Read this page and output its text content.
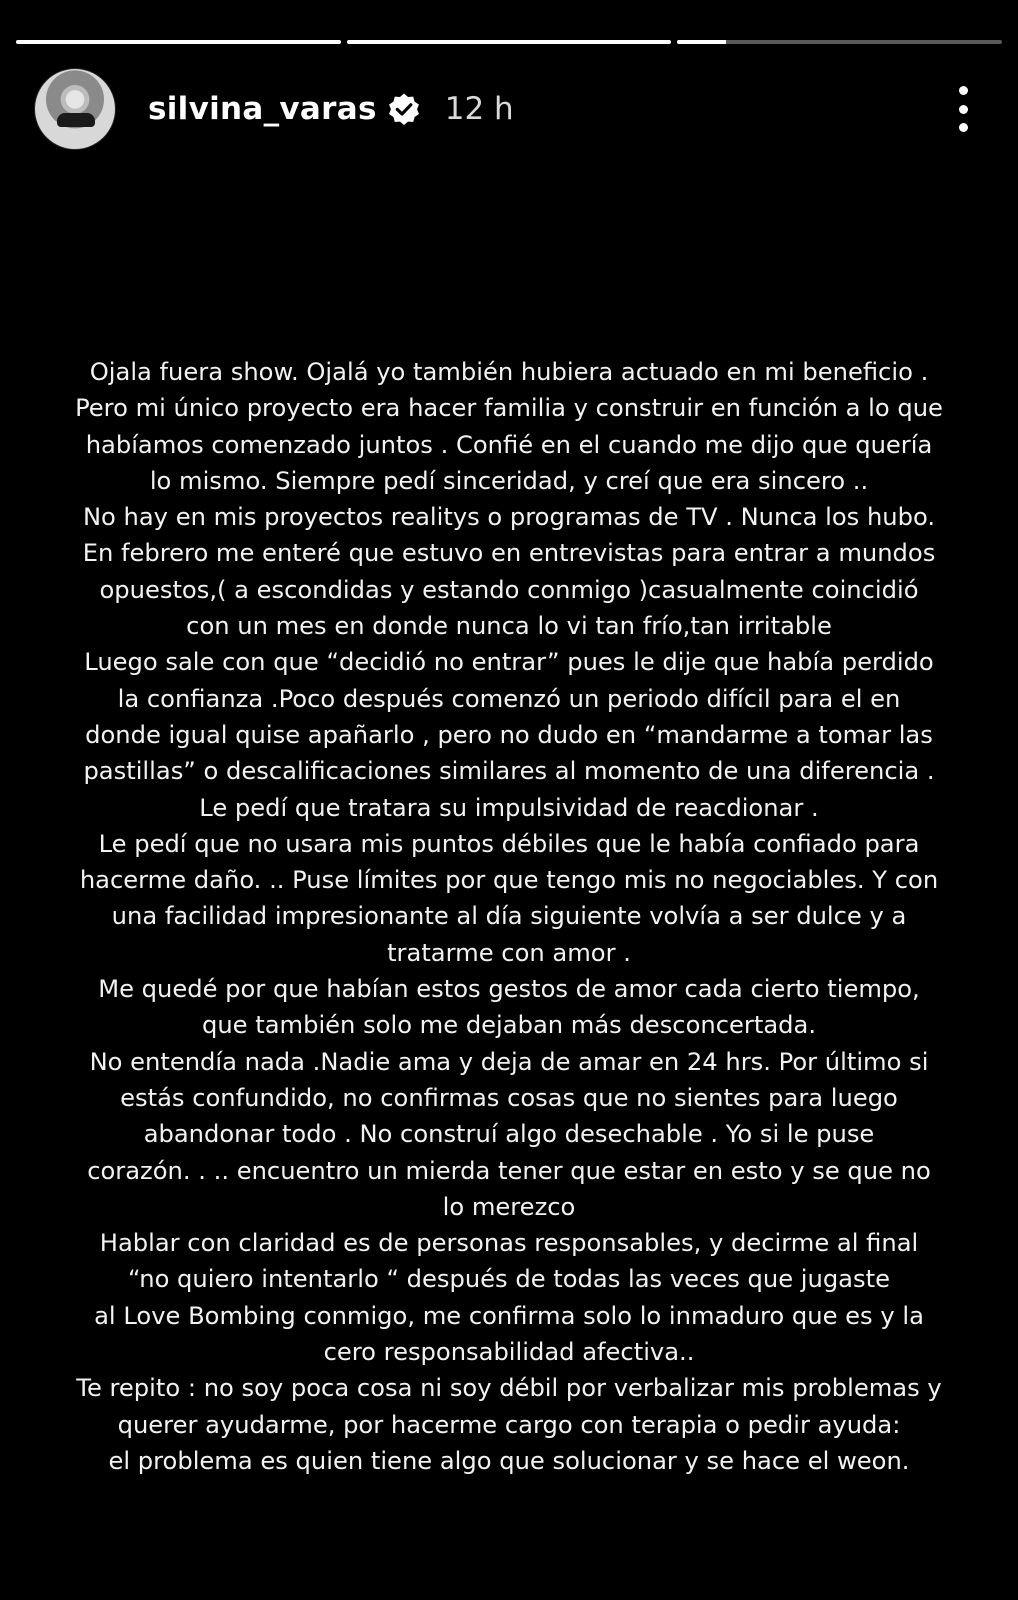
silvina_varas 12 h
Ojala fuera show. Ojalá yo también hubiera actuado en mi beneficio .
Pero mi único proyecto era hacer familia y construir en función a lo que
habíamos comenzado juntos . Confié en el cuando me dijo que quería
lo mismo. Siempre pedí sinceridad, y creí que era sincero ..
No hay en mis proyectos realitys o programas de TV . Nunca los hubo.
En febrero me enteré que estuvo en entrevistas para entrar a mundos
opuestos,( a escondidas y estando conmigo )casualmente coincidió
con un mes en donde nunca lo vi tan frío,tan irritable
Luego sale con que “decidió no entrar” pues le dije que había perdido
la confianza .Poco después comenzó un periodo difícil para el en
donde igual quise apañarlo , pero no dudo en “mandarme a tomar las
pastillas” o descalificaciones similares al momento de una diferencia .
Le pedí que tratara su impulsividad de reacdionar .
Le pedí que no usara mis puntos débiles que le había confiado para
hacerme daño. .. Puse límites por que tengo mis no negociables. Y con
una facilidad impresionante al día siguiente volvía a ser dulce y a
tratarme con amor .
Me quedé por que habían estos gestos de amor cada cierto tiempo,
que también solo me dejaban más desconcertada.
No entendía nada .Nadie ama y deja de amar en 24 hrs. Por último si
estás confundido, no confirmas cosas que no sientes para luego
abandonar todo . No construí algo desechable . Yo si le puse
corazón. . .. encuentro un mierda tener que estar en esto y se que no
lo merezco
Hablar con claridad es de personas responsables, y decirme al final
“no quiero intentarlo “ después de todas las veces que jugaste
al Love Bombing conmigo, me confirma solo lo inmaduro que es y la
cero responsabilidad afectiva..
Te repito : no soy poca cosa ni soy débil por verbalizar mis problemas y
querer ayudarme, por hacerme cargo con terapia o pedir ayuda:
el problema es quien tiene algo que solucionar y se hace el weon.
